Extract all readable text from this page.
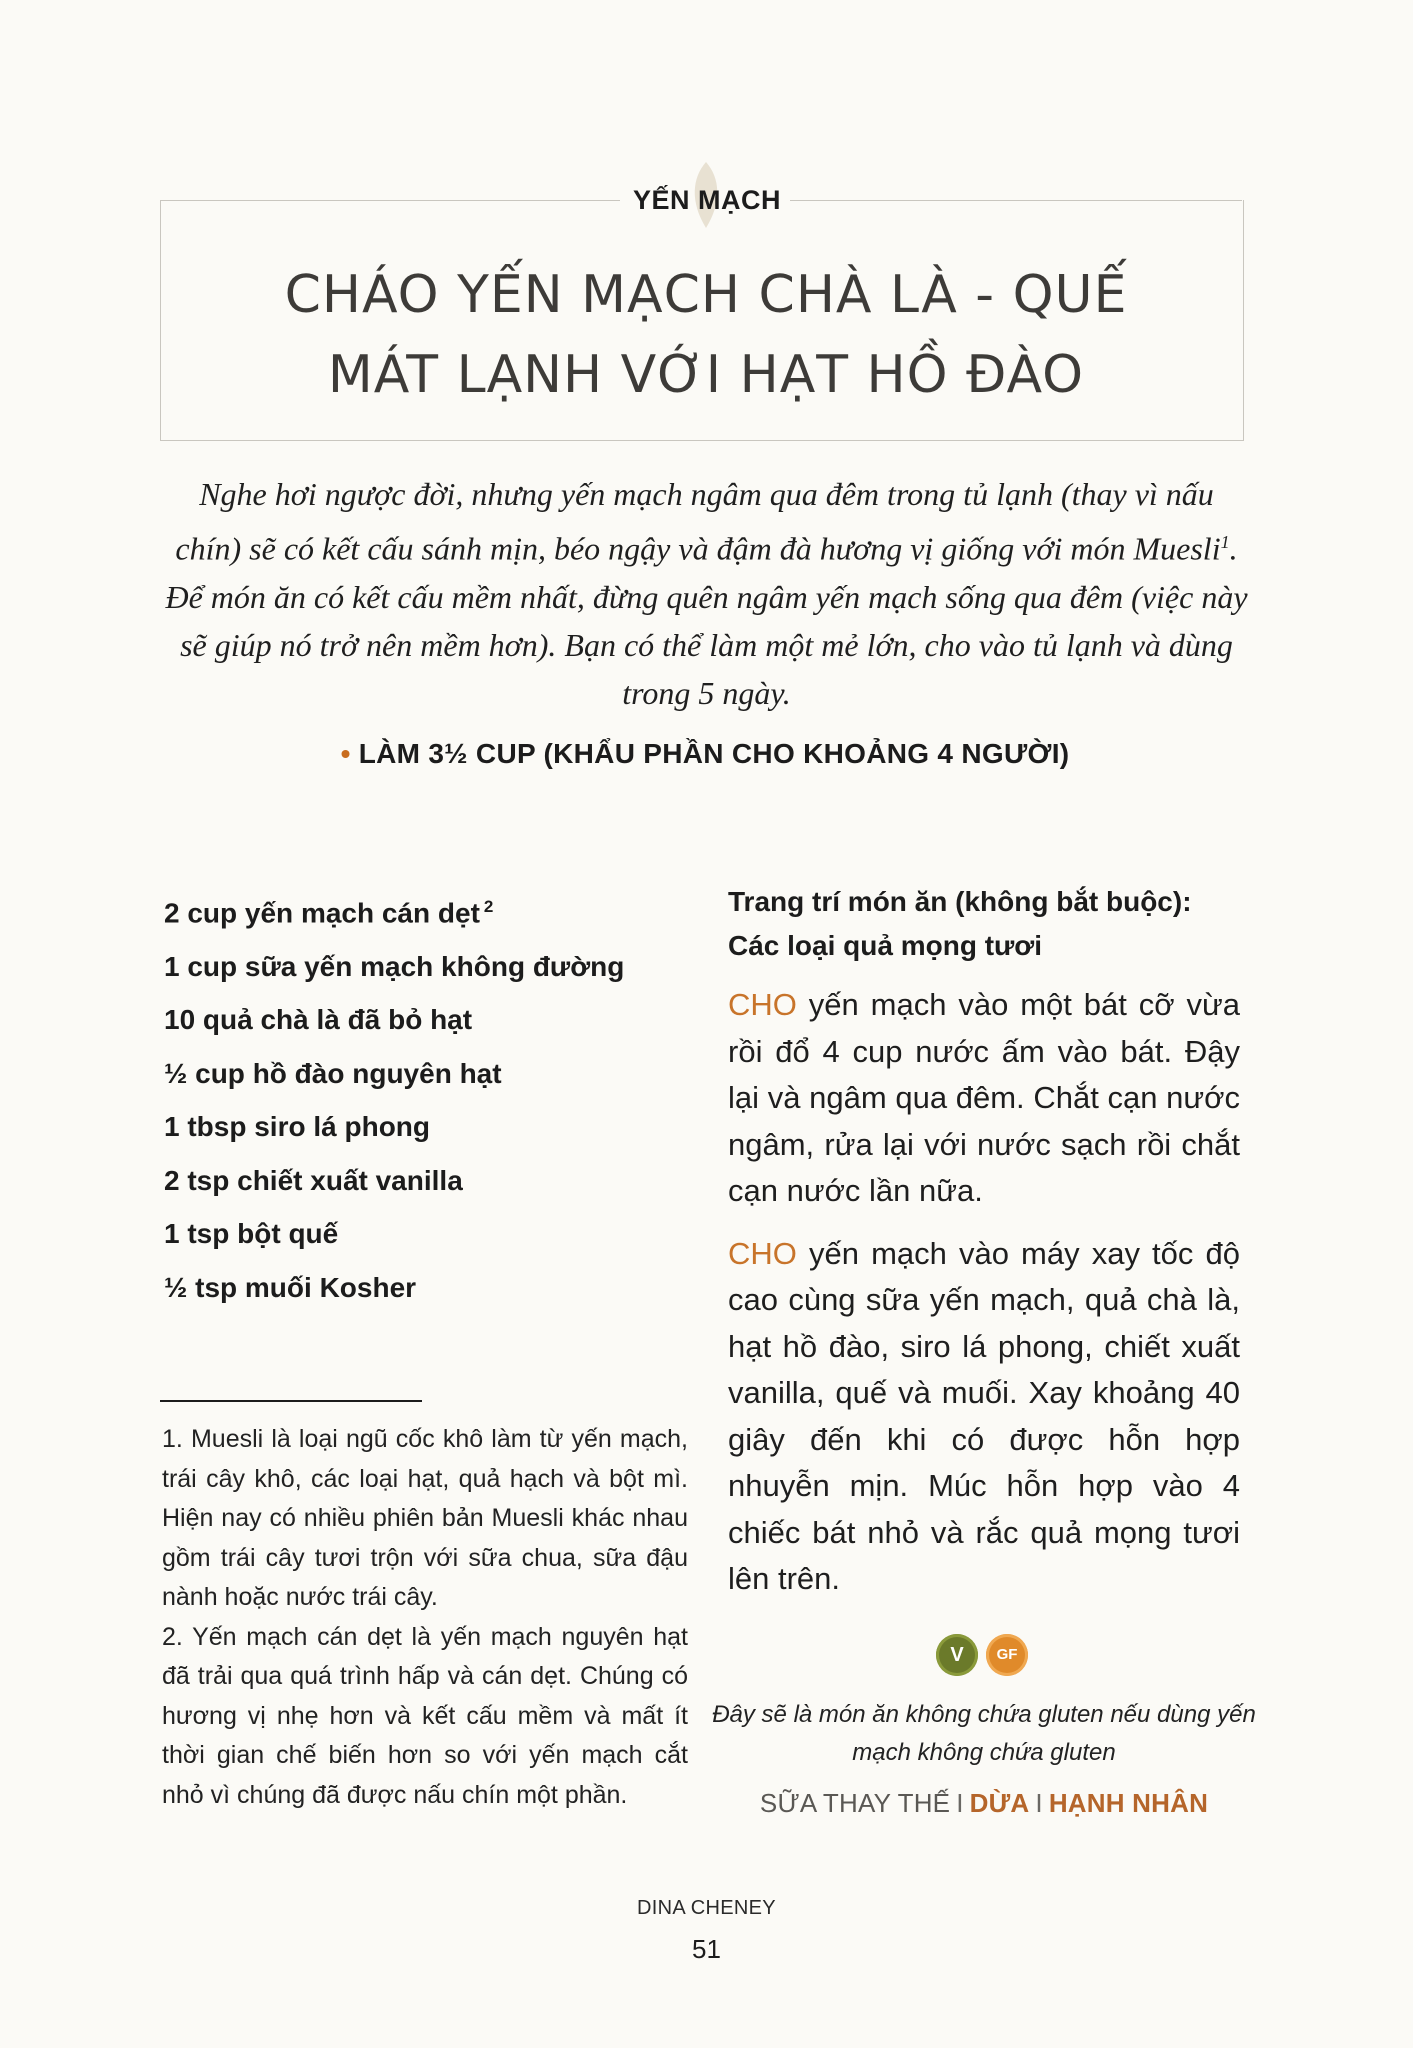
YẾN MẠCH
CHÁO YẾN MẠCH CHÀ LÀ - QUẾ
MÁT LẠNH VỚI HẠT HỒ ĐÀO
Nghe hơi ngược đời, nhưng yến mạch ngâm qua đêm trong tủ lạnh (thay vì nấu chín) sẽ có kết cấu sánh mịn, béo ngậy và đậm đà hương vị giống với món Muesli$^1$. Để món ăn có kết cấu mềm nhất, đừng quên ngâm yến mạch sống qua đêm (việc này sẽ giúp nó trở nên mềm hơn). Bạn có thể làm một mẻ lớn, cho vào tủ lạnh và dùng trong 5 ngày.
• LÀM 3½ CUP (KHẨU PHẦN CHO KHOẢNG 4 NGƯỜI)
2 cup yến mạch cán dẹt $^2$
1 cup sữa yến mạch không đường
10 quả chà là đã bỏ hạt
½ cup hồ đào nguyên hạt
1 tbsp siro lá phong
2 tsp chiết xuất vanilla
1 tsp bột quế
½ tsp muối Kosher

1. Muesli là loại ngũ cốc khô làm từ yến mạch, trái cây khô, các loại hạt, quả hạch và bột mì. Hiện nay có nhiều phiên bản Muesli khác nhau gồm trái cây tươi trộn với sữa chua, sữa đậu nành hoặc nước trái cây.

2. Yến mạch cán dẹt là yến mạch nguyên hạt đã trải qua quá trình hấp và cán dẹt. Chúng có hương vị nhẹ hơn và kết cấu mềm và mất ít thời gian chế biến hơn so với yến mạch cắt nhỏ vì chúng đã được nấu chín một phần.

Trang trí món ăn (không bắt buộc):
Các loại quả mọng tươi

CHO yến mạch vào một bát cỡ vừa rồi đổ 4 cup nước ấm vào bát. Đậy lại và ngâm qua đêm. Chắt cạn nước ngâm, rửa lại với nước sạch rồi chắt cạn nước lần nữa.

CHO yến mạch vào máy xay tốc độ cao cùng sữa yến mạch, quả chà là, hạt hồ đào, siro lá phong, chiết xuất vanilla, quế và muối. Xay khoảng 40 giây đến khi có được hỗn hợp nhuyễn mịn. Múc hỗn hợp vào 4 chiếc bát nhỏ và rắc quả mọng tươi lên trên.

V	GF
Đây sẽ là món ăn không chứa gluten nếu dùng yến mạch không chứa gluten
SỮA THAY THẾ I DỪA I HẠNH NHÂN
DINA CHENEY
51
